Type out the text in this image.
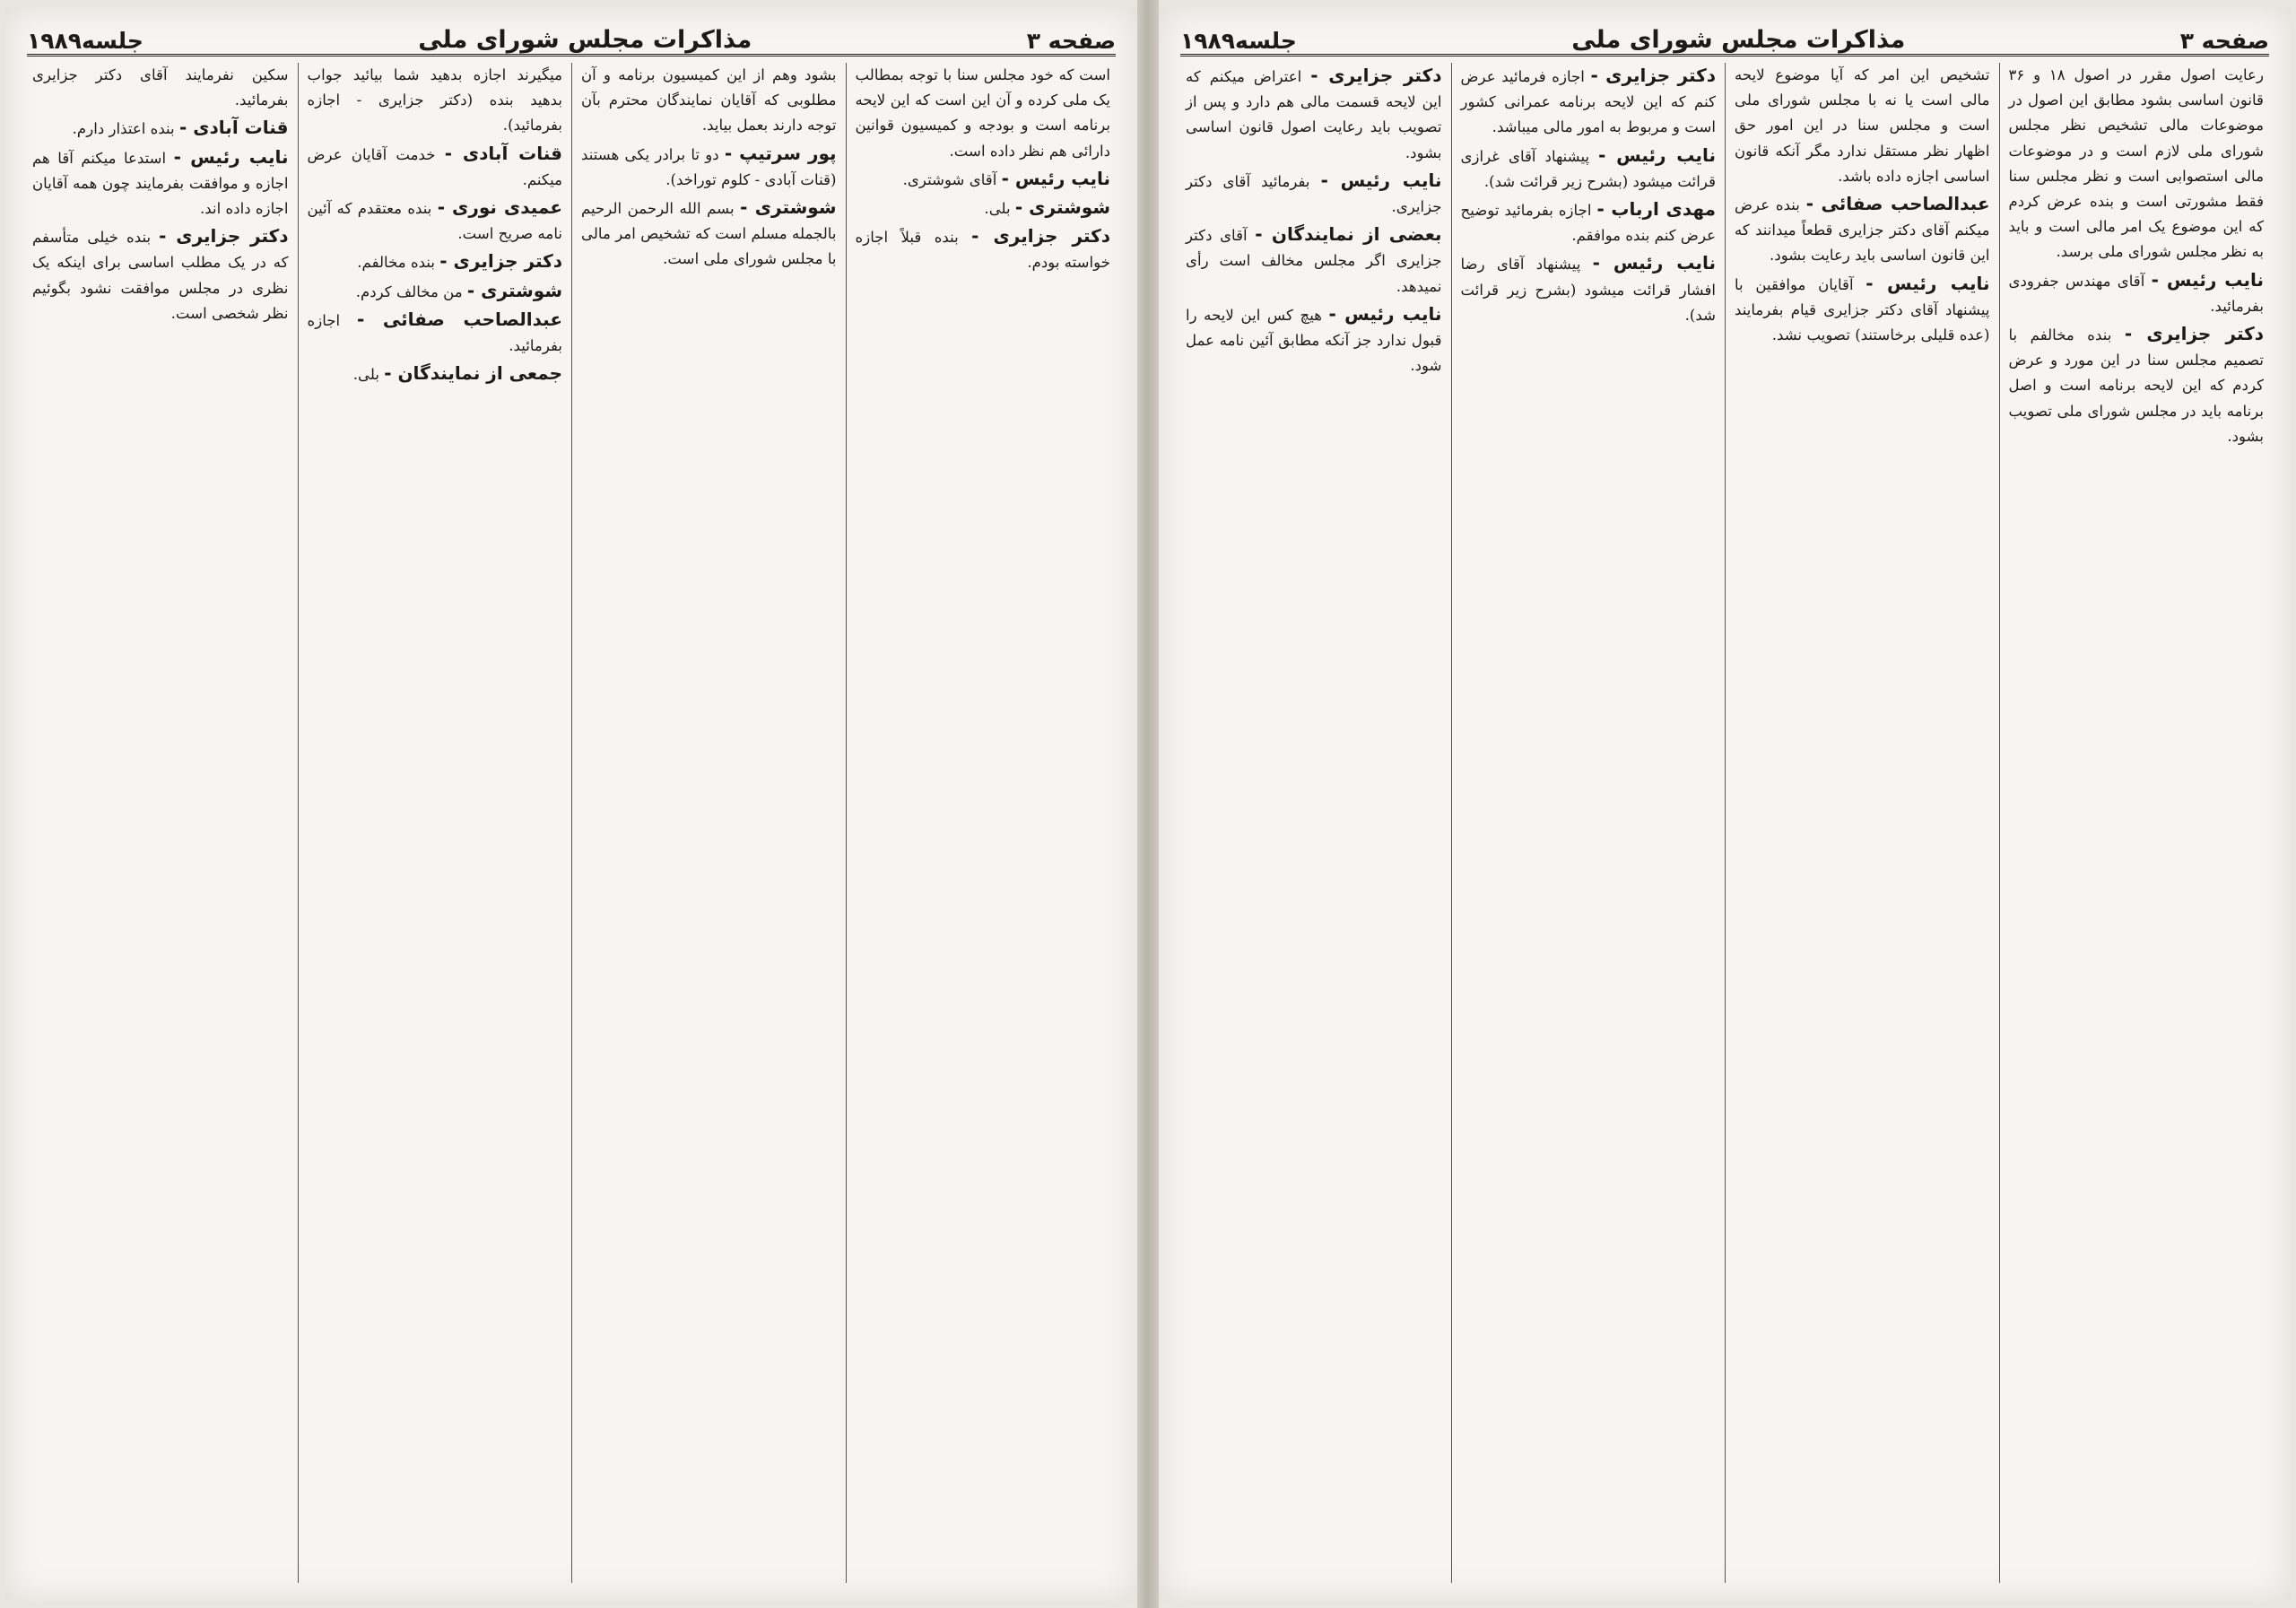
صفحه ۳
مذاکرات مجلس شورای ملی
جلسه۱۹۸۹

است که خود مجلس سنا با توجه بمطالب یک ملی کرده و آن این است که این لایحه برنامه است و بودجه و کمیسیون قوانین دارائی هم نظر داده است.

نایب رئیس - آقای شوشتری.

شوشتری - بلی.

دکتر جزایری - بنده قبلاً اجازه خواسته بودم.

بشود وهم از این کمیسیون برنامه و آن مطلوبی که آقایان نمایندگان محترم بآن توجه دارند بعمل بیاید.

پور سرتیپ - دو تا برادر یکی هستند (قنات آبادی - کلوم توراخد).

شوشتری - بسم الله الرحمن الرحیم بالجمله مسلم است که تشخیص امر مالی با مجلس شورای ملی است.

میگیرند اجازه بدهید شما بیائید جواب بدهید بنده (دکتر جزایری - اجازه بفرمائید).

قنات آبادی - خدمت آقایان عرض میکنم.

عمیدی نوری - بنده معتقدم که آئین نامه صریح است.

دکتر جزایری - بنده مخالفم.

شوشتری - من مخالف کردم.

عبدالصاحب صفائی - اجازه بفرمائید.

جمعی از نمایندگان - بلی.

سکین نفرمایند آقای دکتر جزایری بفرمائید.

قنات آبادی - بنده اعتذار دارم.

نایب رئیس - استدعا میکنم آقا هم اجازه و موافقت بفرمایند چون همه آقایان اجازه داده اند.

دکتر جزایری - بنده خیلی متأسفم که در یک مطلب اساسی برای اینکه یک نظری در مجلس موافقت نشود بگوئیم نظر شخصی است.

صفحه ۳
مذاکرات مجلس شورای ملی
جلسه۱۹۸۹

رعایت اصول مقرر در اصول ۱۸ و ۳۶ قانون اساسی بشود مطابق این اصول در موضوعات مالی تشخیص نظر مجلس شورای ملی لازم است و در موضوعات مالی استصوابی است و نظر مجلس سنا فقط مشورتی است و بنده عرض کردم که این موضوع یک امر مالی است و باید به نظر مجلس شورای ملی برسد.

نایب رئیس - آقای مهندس جفرودی بفرمائید.

دکتر جزایری - بنده مخالفم با تصمیم مجلس سنا در این مورد و عرض کردم که این لایحه برنامه است و اصل برنامه باید در مجلس شورای ملی تصویب بشود.

تشخیص این امر که آیا موضوع لایحه مالی است یا نه با مجلس شورای ملی است و مجلس سنا در این امور حق اظهار نظر مستقل ندارد مگر آنکه قانون اساسی اجازه داده باشد.

عبدالصاحب صفائی - بنده عرض میکنم آقای دکتر جزایری قطعاً میدانند که این قانون اساسی باید رعایت بشود.

نایب رئیس - آقایان موافقین با پیشنهاد آقای دکتر جزایری قیام بفرمایند (عده قلیلی برخاستند) تصویب نشد.

دکتر جزایری - اجازه فرمائید عرض کنم که این لایحه برنامه عمرانی کشور است و مربوط به امور مالی میباشد.

نایب رئیس - پیشنهاد آقای غرازی قرائت میشود (بشرح زیر قرائت شد).

مهدی ارباب - اجازه بفرمائید توضیح عرض کنم بنده موافقم.

نایب رئیس - پیشنهاد آقای رضا افشار قرائت میشود (بشرح زیر قرائت شد).

دکتر جزایری - اعتراض میکنم که این لایحه قسمت مالی هم دارد و پس از تصویب باید رعایت اصول قانون اساسی بشود.

نایب رئیس - بفرمائید آقای دکتر جزایری.

بعضی از نمایندگان - آقای دکتر جزایری اگر مجلس مخالف است رأی نمیدهد.

نایب رئیس - هیچ کس این لایحه را قبول ندارد جز آنکه مطابق آئین نامه عمل شود.
